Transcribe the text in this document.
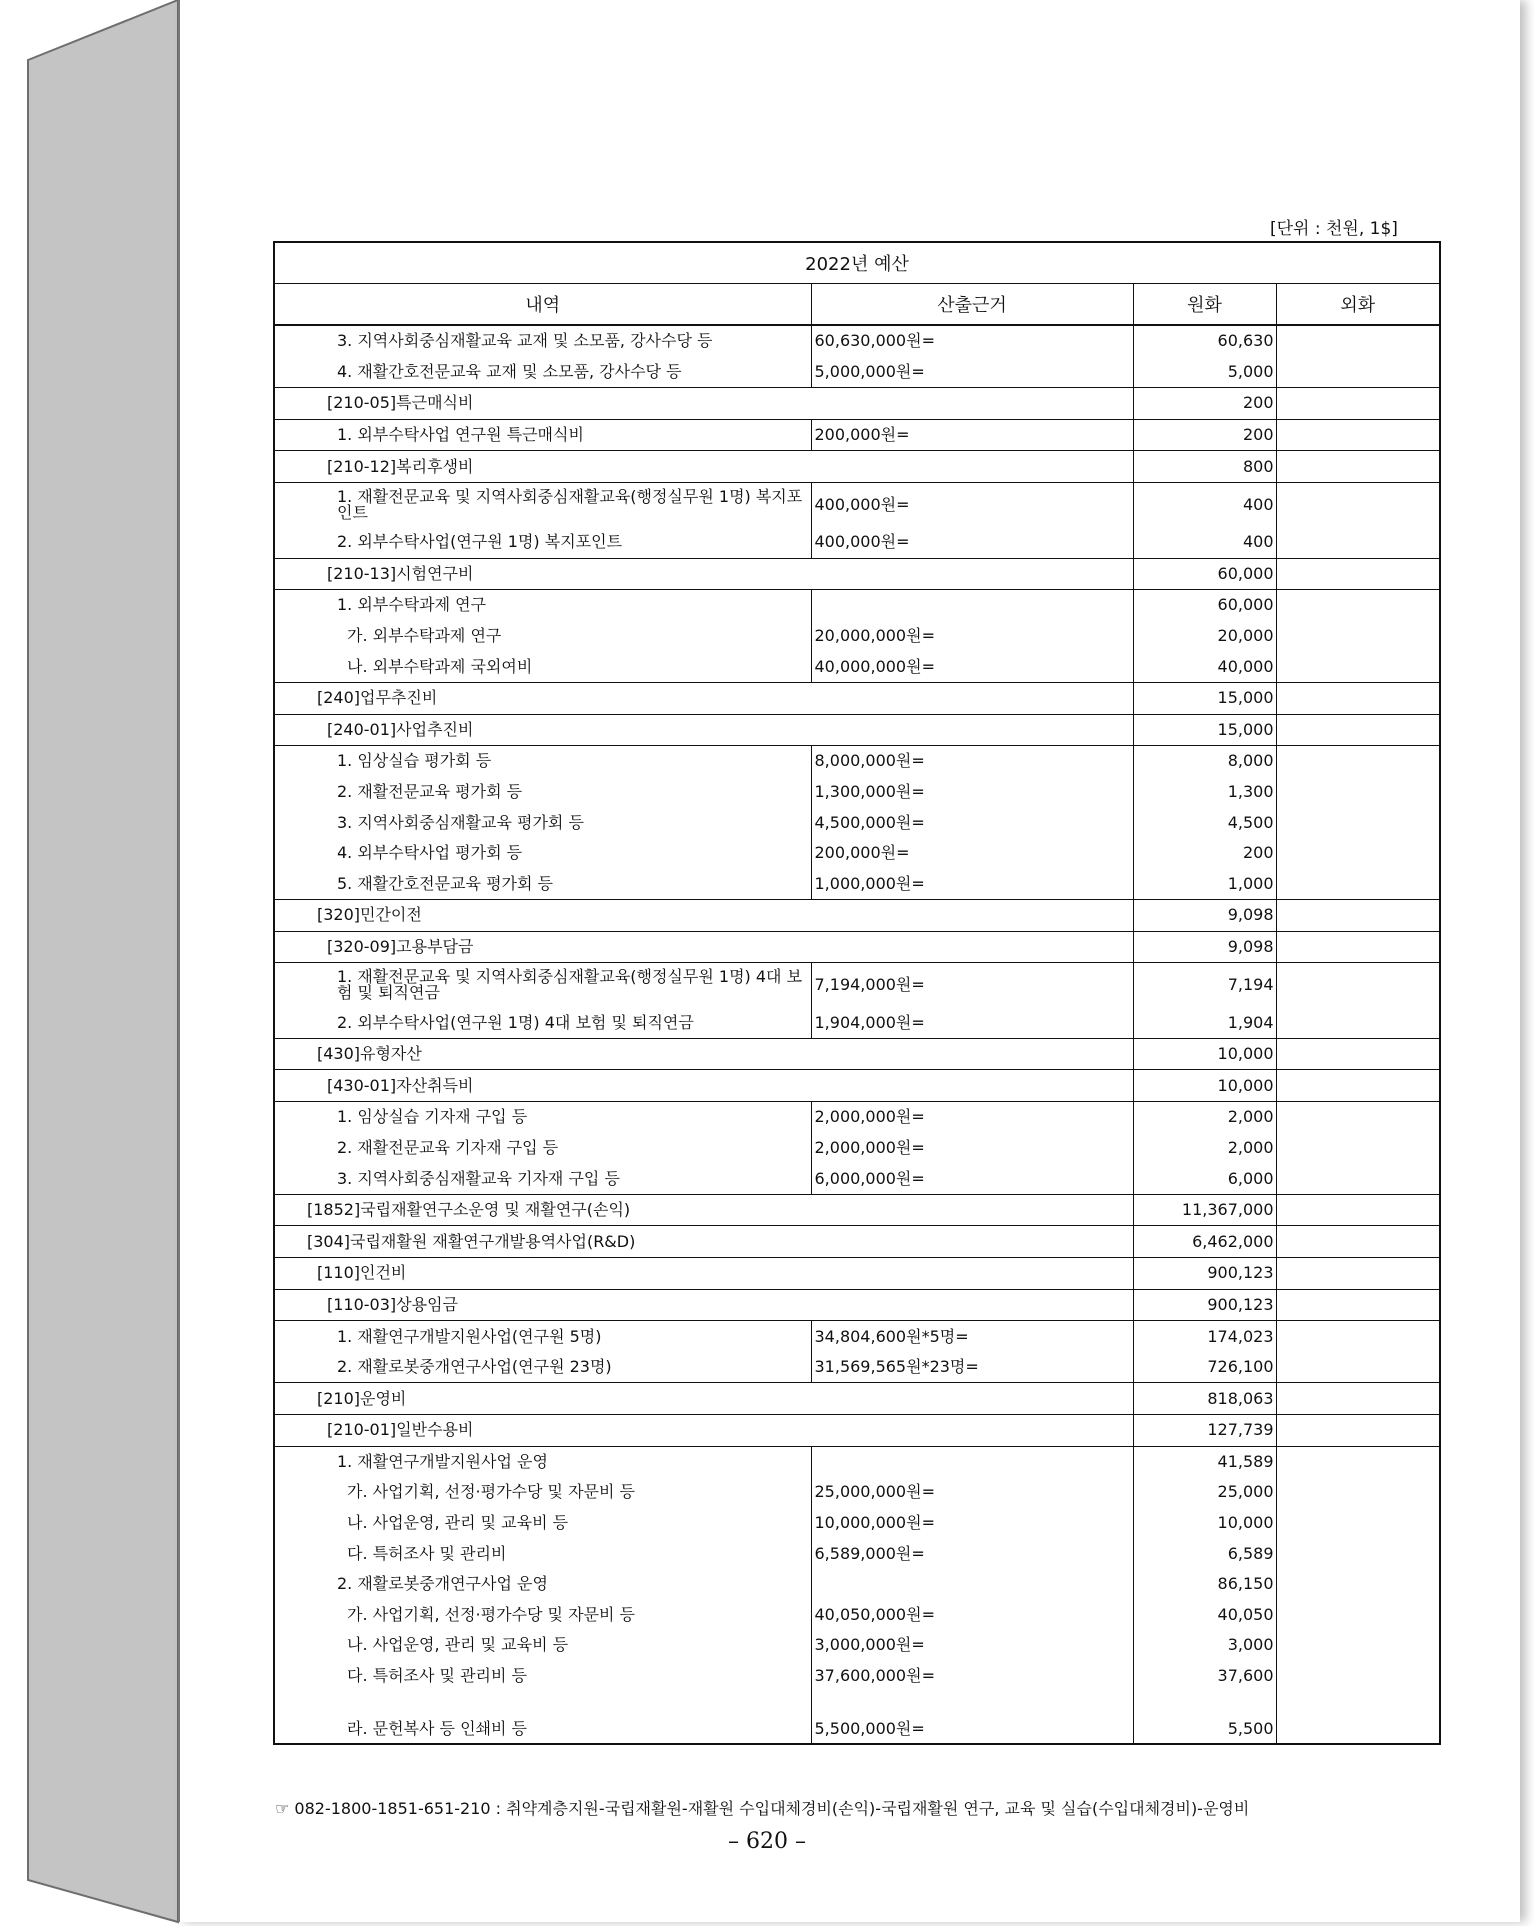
[단위 : 천원, 1$]
2022년 예산			
내역	산출근거	원화	외화
3. 지역사회중심재활교육 교재 및 소모품, 강사수당 등	60,630,000원=	60,630	
4. 재활간호전문교육 교재 및 소모품, 강사수당 등	5,000,000원=	5,000	
[210-05]특근매식비		200	
1. 외부수탁사업 연구원 특근매식비	200,000원=	200	
[210-12]복리후생비		800	
1. 재활전문교육 및 지역사회중심재활교육(행정실무원 1명) 복지포인트	400,000원=	400	
2. 외부수탁사업(연구원 1명) 복지포인트	400,000원=	400	
[210-13]시험연구비		60,000	
1. 외부수탁과제 연구		60,000	
가. 외부수탁과제 연구	20,000,000원=	20,000	
나. 외부수탁과제 국외여비	40,000,000원=	40,000	
[240]업무추진비		15,000	
[240-01]사업추진비		15,000	
1. 임상실습 평가회 등	8,000,000원=	8,000	
2. 재활전문교육 평가회 등	1,300,000원=	1,300	
3. 지역사회중심재활교육 평가회 등	4,500,000원=	4,500	
4. 외부수탁사업 평가회 등	200,000원=	200	
5. 재활간호전문교육 평가회 등	1,000,000원=	1,000	
[320]민간이전		9,098	
[320-09]고용부담금		9,098	
1. 재활전문교육 및 지역사회중심재활교육(행정실무원 1명) 4대 보험 및 퇴직연금	7,194,000원=	7,194	
2. 외부수탁사업(연구원 1명) 4대 보험 및 퇴직연금	1,904,000원=	1,904	
[430]유형자산		10,000	
[430-01]자산취득비		10,000	
1. 임상실습 기자재 구입 등	2,000,000원=	2,000	
2. 재활전문교육 기자재 구입 등	2,000,000원=	2,000	
3. 지역사회중심재활교육 기자재 구입 등	6,000,000원=	6,000	
[1852]국립재활연구소운영 및 재활연구(손익)		11,367,000	
[304]국립재활원 재활연구개발용역사업(R&D)		6,462,000	
[110]인건비		900,123	
[110-03]상용임금		900,123	
1. 재활연구개발지원사업(연구원 5명)	34,804,600원*5명=	174,023	
2. 재활로봇중개연구사업(연구원 23명)	31,569,565원*23명=	726,100	
[210]운영비		818,063	
[210-01]일반수용비		127,739	
1. 재활연구개발지원사업 운영		41,589	
가. 사업기획, 선정·평가수당 및 자문비 등	25,000,000원=	25,000	
나. 사업운영, 관리 및 교육비 등	10,000,000원=	10,000	
다. 특허조사 및 관리비	6,589,000원=	6,589	
2. 재활로봇중개연구사업 운영		86,150	
가. 사업기획, 선정·평가수당 및 자문비 등	40,050,000원=	40,050	
나. 사업운영, 관리 및 교육비 등	3,000,000원=	3,000	
다. 특허조사 및 관리비 등	37,600,000원=	37,600	
라. 문헌복사 등 인쇄비 등	5,500,000원=	5,500	
☞ 082-1800-1851-651-210 : 취약계층지원-국립재활원-재활원 수입대체경비(손익)-국립재활원 연구, 교육 및 실습(수입대체경비)-운영비
– 620 –
